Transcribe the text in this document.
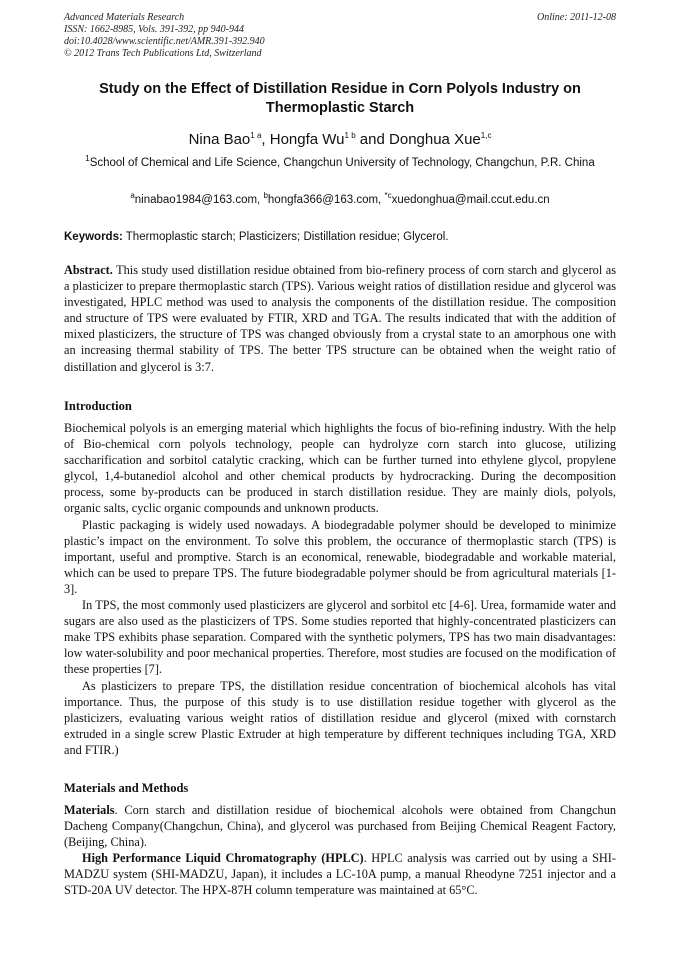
Advanced Materials Research
ISSN: 1662-8985, Vols. 391-392, pp 940-944
doi:10.4028/www.scientific.net/AMR.391-392.940
© 2012 Trans Tech Publications Ltd, Switzerland
Online: 2011-12-08
Study on the Effect of Distillation Residue in Corn Polyols Industry on Thermoplastic Starch
Nina Bao$^{1 a}$, Hongfa $Wu^{1 b}$ and Donghua Xue$^{1,c}$
$^1$School of Chemical and Life Science, Changchun University of Technology, Changchun, P.R. China
$^a$ninabao1984@163.com, $^b$hongfa366@163.com, $^{*c}$xuedonghua@mail.ccut.edu.cn
Keywords: Thermoplastic starch; Plasticizers; Distillation residue; Glycerol.
Abstract. This study used distillation residue obtained from bio-refinery process of corn starch and glycerol as a plasticizer to prepare thermoplastic starch (TPS). Various weight ratios of distillation residue and glycerol was investigated, HPLC method was used to analysis the components of the distillation residue. The composition and structure of TPS were evaluated by FTIR, XRD and TGA. The results indicated that with the addition of mixed plasticizers, the structure of TPS was changed obviously from a crystal state to an amorphous one with an increasing thermal stability of TPS. The better TPS structure can be obtained when the weight ratio of distillation and glycerol is 3:7.
Introduction

Biochemical polyols is an emerging material which highlights the focus of bio-refining industry. With the help of Bio-chemical corn polyols technology, people can hydrolyze corn starch into glucose, utilizing saccharification and sorbitol catalytic cracking, which can be further turned into ethylene glycol, propylene glycol, 1,4-butanediol alcohol and other chemical products by hydrocracking. During the decomposition process, some by-products can be produced in starch distillation residue. They are mainly diols, polyols, organic salts, cyclic organic compounds and unknown products.

Plastic packaging is widely used nowadays. A biodegradable polymer should be developed to minimize plastic’s impact on the environment. To solve this problem, the occurance of thermoplastic starch (TPS) is important, useful and promptive. Starch is an economical, renewable, biodegradable and workable material, which can be used to prepare TPS. The future biodegradable polymer should be from agricultural materials [1-3].

In TPS, the most commonly used plasticizers are glycerol and sorbitol etc [4-6]. Urea, formamide water and sugars are also used as the plasticizers of TPS. Some studies reported that highly-concentrated plasticizers can make TPS exhibits phase separation. Compared with the synthetic polymers, TPS has two main disadvantages: low water-solubility and poor mechanical properties. Therefore, most studies are focused on the modification of these properties [7].

As plasticizers to prepare TPS, the distillation residue concentration of biochemical alcohols has vital importance. Thus, the purpose of this study is to use distillation residue together with glycerol as the plasticizers, evaluating various weight ratios of distillation residue and glycerol (mixed with cornstarch extruded in a single screw Plastic Extruder at high temperature by different techniques including TGA, XRD and FTIR.)

Materials and Methods

Materials. Corn starch and distillation residue of biochemical alcohols were obtained from Changchun Dacheng Company(Changchun, China), and glycerol was purchased from Beijing Chemical Reagent Factory, (Beijing, China).

High Performance Liquid Chromatography (HPLC). HPLC analysis was carried out by using a SHI-MADZU system (SHI-MADZU, Japan), it includes a LC-10A pump, a manual Rheodyne 7251 injector and a STD-20A UV detector. The HPX-87H column temperature was maintained at 65°C.
